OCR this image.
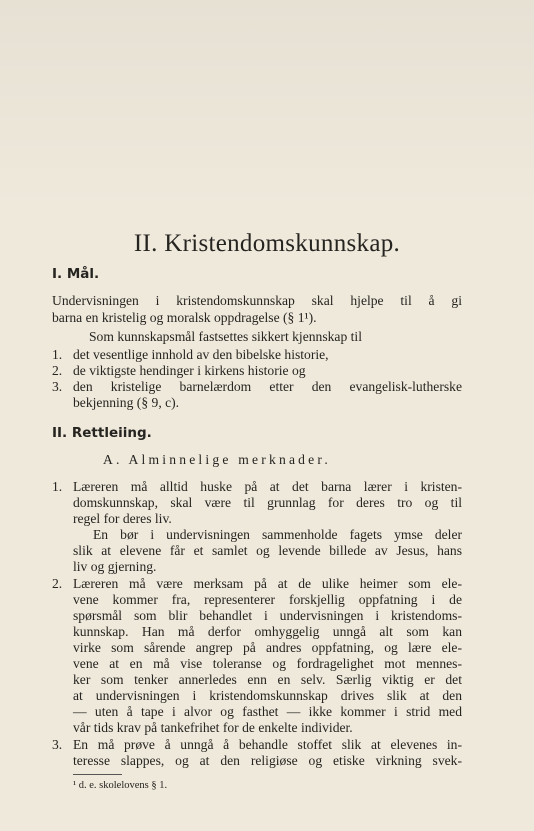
II. Kristendomskunnskap.
I. Mål.
Undervisningen i kristendomskunnskap skal hjelpe til å gi
barna en kristelig og moralsk oppdragelse (§ 1¹).
Som kunnskapsmål fastsettes sikkert kjennskap til
1. det vesentlige innhold av den bibelske historie,
2. de viktigste hendinger i kirkens historie og
3. den kristelige barnelærdom etter den evangelisk-lutherske
bekjenning (§ 9, c).
II. Rettleiing.
A. Alminnelige merknader.
1. Læreren må alltid huske på at det barna lærer i kristen-
domskunnskap, skal være til grunnlag for deres tro og til
regel for deres liv.
En bør i undervisningen sammenholde fagets ymse deler
slik at elevene får et samlet og levende billede av Jesus, hans
liv og gjerning.
2. Læreren må være merksam på at de ulike heimer som ele-
vene kommer fra, representerer forskjellig oppfatning i de
spørsmål som blir behandlet i undervisningen i kristendoms-
kunnskap. Han må derfor omhyggelig unngå alt som kan
virke som sårende angrep på andres oppfatning, og lære ele-
vene at en må vise toleranse og fordragelighet mot mennes-
ker som tenker annerledes enn en selv. Særlig viktig er det
at undervisningen i kristendomskunnskap drives slik at den
— uten å tape i alvor og fasthet — ikke kommer i strid med
vår tids krav på tankefrihet for de enkelte individer.
3. En må prøve å unngå å behandle stoffet slik at elevenes in-
teresse slappes, og at den religiøse og etiske virkning svek-
¹ d. e. skolelovens § 1.
